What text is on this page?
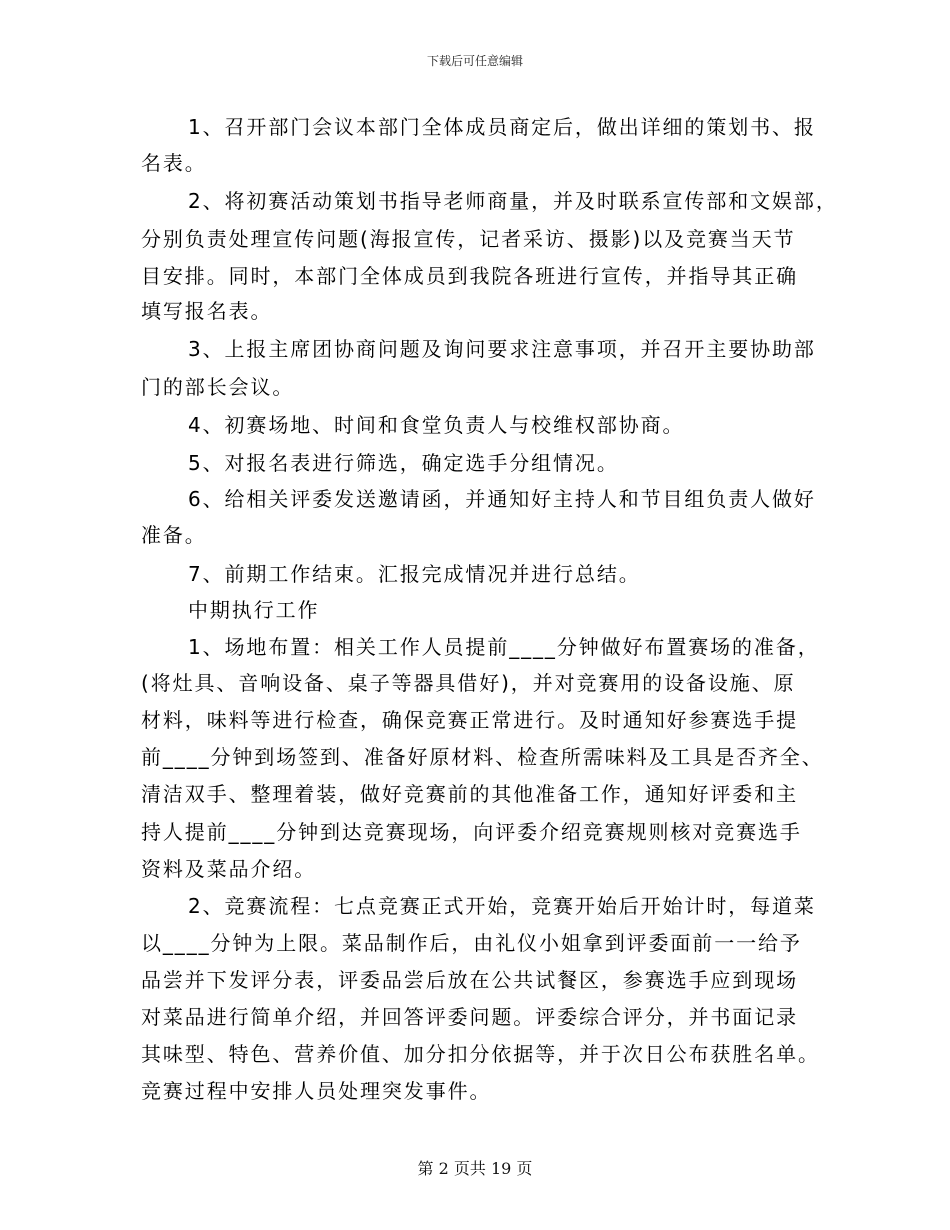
下载后可任意编辑
1、召开部门会议本部门全体成员商定后，做出详细的策划书、报
名表。
2、将初赛活动策划书指导老师商量，并及时联系宣传部和文娱部，
分别负责处理宣传问题(海报宣传，记者采访、摄影)以及竞赛当天节
目安排。同时，本部门全体成员到我院各班进行宣传，并指导其正确
填写报名表。
3、上报主席团协商问题及询问要求注意事项，并召开主要协助部
门的部长会议。
4、初赛场地、时间和食堂负责人与校维权部协商。
5、对报名表进行筛选，确定选手分组情况。
6、给相关评委发送邀请函，并通知好主持人和节目组负责人做好
准备。
7、前期工作结束。汇报完成情况并进行总结。
中期执行工作
1、场地布置：相关工作人员提前____分钟做好布置赛场的准备，
(将灶具、音响设备、桌子等器具借好)，并对竞赛用的设备设施、原
材料，味料等进行检查，确保竞赛正常进行。及时通知好参赛选手提
前____分钟到场签到、准备好原材料、检查所需味料及工具是否齐全、
清洁双手、整理着装，做好竞赛前的其他准备工作，通知好评委和主
持人提前____分钟到达竞赛现场，向评委介绍竞赛规则核对竞赛选手
资料及菜品介绍。
2、竞赛流程：七点竞赛正式开始，竞赛开始后开始计时，每道菜
以____分钟为上限。菜品制作后，由礼仪小姐拿到评委面前一一给予
品尝并下发评分表，评委品尝后放在公共试餐区，参赛选手应到现场
对菜品进行简单介绍，并回答评委问题。评委综合评分，并书面记录
其味型、特色、营养价值、加分扣分依据等，并于次日公布获胜名单。
竞赛过程中安排人员处理突发事件。
第 2 页共 19 页
